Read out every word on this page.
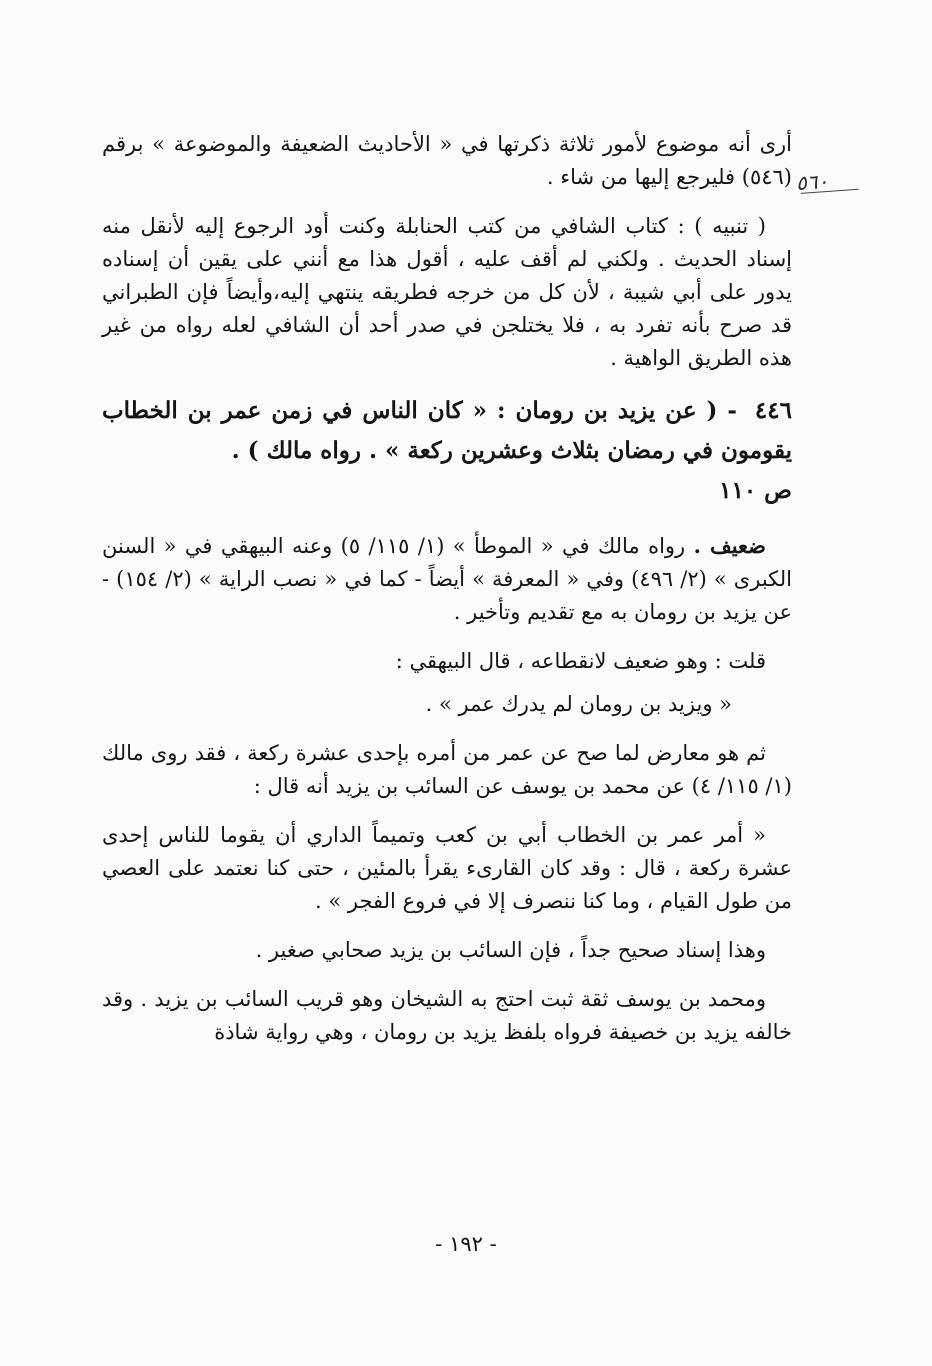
٥٦٠

أرى أنه موضوع لأمور ثلاثة ذكرتها في « الأحاديث الضعيفة والموضوعة » برقم (٥٤٦) فليرجع إليها من شاء .

( تنبيه ) : كتاب الشافي من كتب الحنابلة وكنت أود الرجوع إليه لأنقل منه إسناد الحديث . ولكني لم أقف عليه ، أقول هذا مع أنني على يقين أن إسناده يدور على أبي شيبة ، لأن كل من خرجه فطريقه ينتهي إليه،وأيضاً فإن الطبراني قد صرح بأنه تفرد به ، فلا يختلجن في صدر أحد أن الشافي لعله رواه من غير هذه الطريق الواهية .

٤٤٦ - ( عن يزيد بن رومان : « كان الناس في زمن عمر بن الخطاب يقومون في رمضان بثلاث وعشرين ركعة » . رواه مالك ) .
ص ١١٠

ضعيف . رواه مالك في « الموطأ » (١/ ١١٥/ ٥) وعنه البيهقي في « السنن الكبرى » (٢/ ٤٩٦) وفي « المعرفة » أيضاً - كما في « نصب الراية » (٢/ ١٥٤) - عن يزيد بن رومان به مع تقديم وتأخير .

قلت : وهو ضعيف لانقطاعه ، قال البيهقي :

« ويزيد بن رومان لم يدرك عمر » .

ثم هو معارض لما صح عن عمر من أمره بإحدى عشرة ركعة ، فقد روى مالك (١/ ١١٥/ ٤) عن محمد بن يوسف عن السائب بن يزيد أنه قال :

« أمر عمر بن الخطاب أبي بن كعب وتميماً الداري أن يقوما للناس إحدى عشرة ركعة ، قال : وقد كان القارىء يقرأ بالمئين ، حتى كنا نعتمد على العصي من طول القيام ، وما كنا ننصرف إلا في فروع الفجر » .

وهذا إسناد صحيح جداً ، فإن السائب بن يزيد صحابي صغير .

ومحمد بن يوسف ثقة ثبت احتج به الشيخان وهو قريب السائب بن يزيد . وقد خالفه يزيد بن خصيفة فرواه بلفظ يزيد بن رومان ، وهي رواية شاذة

- ١٩٢ -
